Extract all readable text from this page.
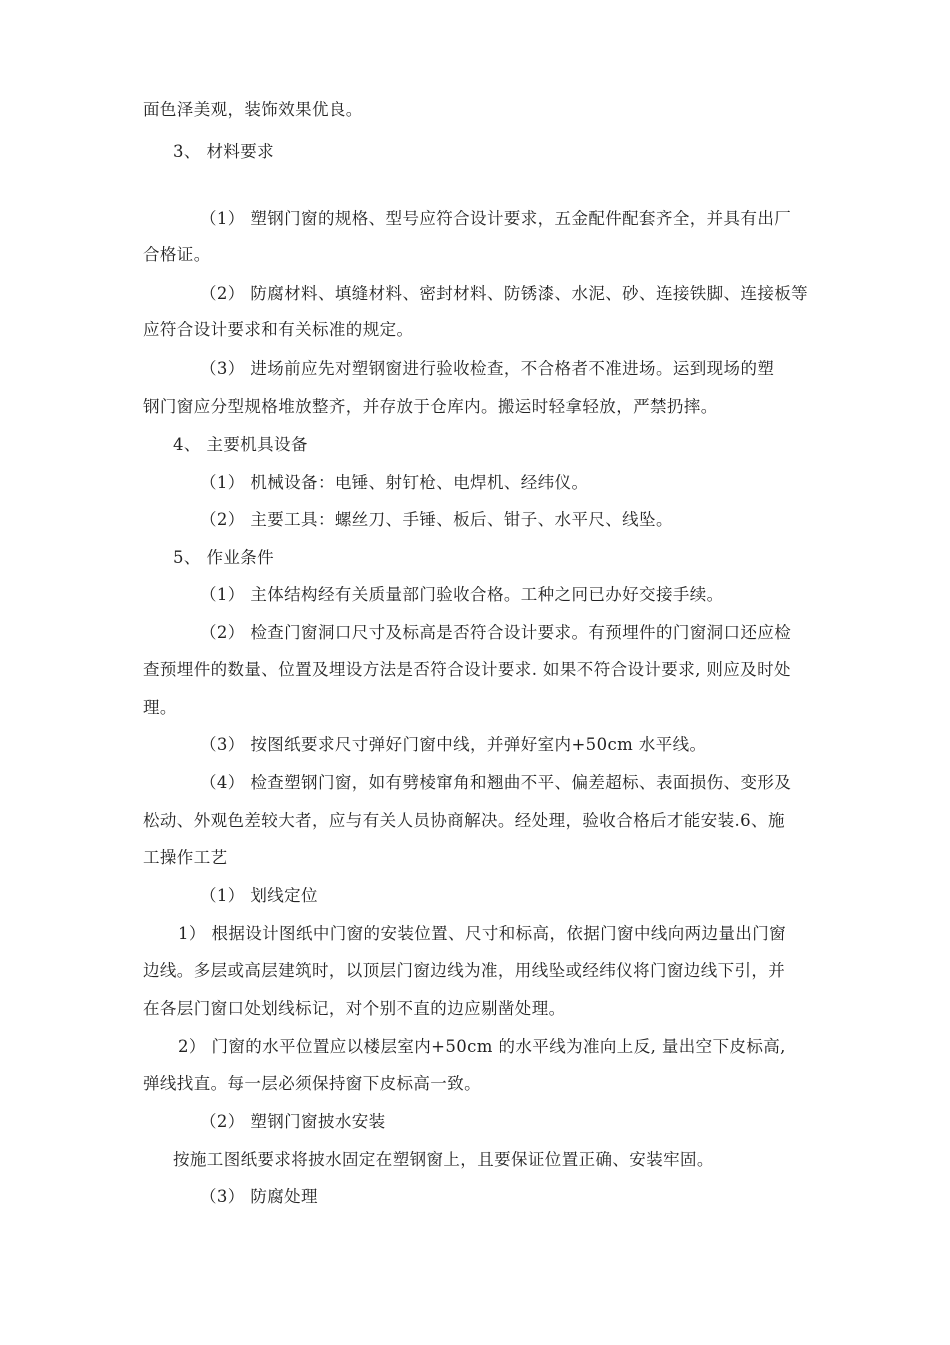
面色泽美观，装饰效果优良。
3、 材料要求
（1） 塑钢门窗的规格、型号应符合设计要求，五金配件配套齐全，并具有出厂
合格证。
（2） 防腐材料、填缝材料、密封材料、防锈漆、水泥、砂、连接铁脚、连接板等
应符合设计要求和有关标准的规定。
（3） 进场前应先对塑钢窗进行验收检查，不合格者不准进场。运到现场的塑
钢门窗应分型规格堆放整齐，并存放于仓库内。搬运时轻拿轻放，严禁扔摔。
4、 主要机具设备
（1） 机械设备：电锤、射钉枪、电焊机、经纬仪。
（2） 主要工具：螺丝刀、手锤、板后、钳子、水平尺、线坠。
5、 作业条件
（1） 主体结构经有关质量部门验收合格。工种之冋已办好交接手续。
（2） 检查门窗洞口尺寸及标高是否符合设计要求。有预埋件的门窗洞口还应检
查预埋件的数量、位置及埋设方法是否符合设计要求. 如果不符合设计要求, 则应及时处
理。
（3） 按图纸要求尺寸弹好门窗中线，并弹好室内+50cm 水平线。
（4） 检查塑钢门窗，如有劈棱窜角和翘曲不平、偏差超标、表面损伤、变形及
松动、外观色差较大者，应与有关人员协商解决。经处理，验收合格后才能安装.6、施
工操作工艺
（1） 划线定位
1） 根据设计图纸中门窗的安装位置、尺寸和标高，依据门窗中线向两边量出门窗
边线。多层或高层建筑时，以顶层门窗边线为准，用线坠或经纬仪将门窗边线下引，并
在各层门窗口处划线标记，对个别不直的边应剔凿处理。
2） 门窗的水平位置应以楼层室内+50cm 的水平线为准向上反, 量出空下皮标高,
弹线找直。每一层必须保持窗下皮标高一致。
（2） 塑钢门窗披水安装
按施工图纸要求将披水固定在塑钢窗上，且要保证位置正确、安装牢固。
（3） 防腐处理
